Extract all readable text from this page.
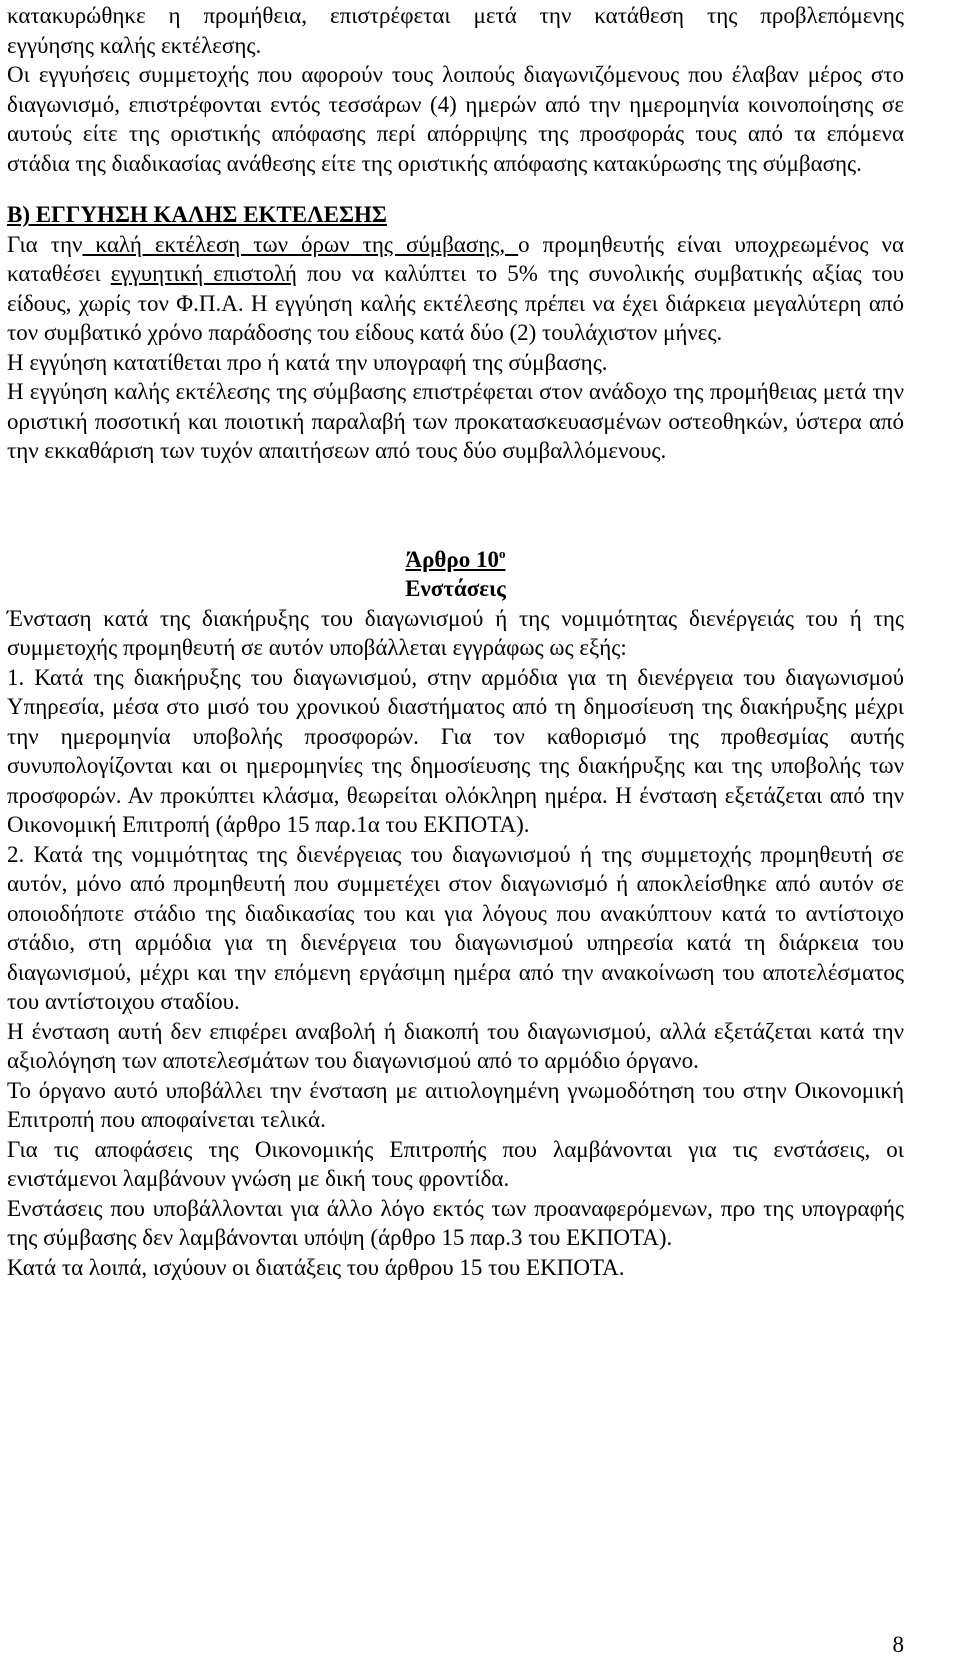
κατακυρώθηκε η προμήθεια, επιστρέφεται μετά την κατάθεση της προβλεπόμενης

εγγύησης καλής εκτέλεσης.

Οι εγγυήσεις συμμετοχής που αφορούν τους λοιπούς διαγωνιζόμενους που έλαβαν μέρος στο διαγωνισμό, επιστρέφονται εντός τεσσάρων (4) ημερών από την ημερομηνία κοινοποίησης σε αυτούς είτε της οριστικής απόφασης περί απόρριψης της προσφοράς τους από τα επόμενα στάδια της διαδικασίας ανάθεσης είτε της οριστικής απόφασης κατακύρωσης της σύμβασης.

Β) ΕΓΓΥΗΣΗ ΚΑΛΗΣ ΕΚΤΕΛΕΣΗΣ

Για την καλή εκτέλεση των όρων της σύμβασης, ο προμηθευτής είναι υποχρεωμένος να καταθέσει εγγυητική επιστολή που να καλύπτει το 5% της συνολικής συμβατικής αξίας του είδους, χωρίς τον Φ.Π.Α. Η εγγύηση καλής εκτέλεσης πρέπει να έχει διάρκεια μεγαλύτερη από τον συμβατικό χρόνο παράδοσης του είδους κατά δύο (2) τουλάχιστον μήνες.

Η εγγύηση κατατίθεται προ ή κατά την υπογραφή της σύμβασης.

Η εγγύηση καλής εκτέλεσης της σύμβασης επιστρέφεται στον ανάδοχο της προμήθειας μετά την οριστική ποσοτική και ποιοτική παραλαβή των προκατασκευασμένων οστεοθηκών, ύστερα από την εκκαθάριση των τυχόν απαιτήσεων από τους δύο συμβαλλόμενους.

Άρθρο $10^o$

Ενστάσεις

Ένσταση κατά της διακήρυξης του διαγωνισμού ή της νομιμότητας διενέργειάς του ή της συμμετοχής προμηθευτή σε αυτόν υποβάλλεται εγγράφως ως εξής:

1. Κατά της διακήρυξης του διαγωνισμού, στην αρμόδια για τη διενέργεια του διαγωνισμού Υπηρεσία, μέσα στο μισό του χρονικού διαστήματος από τη δημοσίευση της διακήρυξης μέχρι την ημερομηνία υποβολής προσφορών. Για τον καθορισμό της προθεσμίας αυτής συνυπολογίζονται και οι ημερομηνίες της δημοσίευσης της διακήρυξης και της υποβολής των προσφορών. Αν προκύπτει κλάσμα, θεωρείται ολόκληρη ημέρα. Η ένσταση εξετάζεται από την Οικονομική Επιτροπή (άρθρο 15 παρ.1α του ΕΚΠΟΤΑ).

2. Κατά της νομιμότητας της διενέργειας του διαγωνισμού ή της συμμετοχής προμηθευτή σε αυτόν, μόνο από προμηθευτή που συμμετέχει στον διαγωνισμό ή αποκλείσθηκε από αυτόν σε οποιοδήποτε στάδιο της διαδικασίας του και για λόγους που ανακύπτουν κατά το αντίστοιχο στάδιο, στη αρμόδια για τη διενέργεια του διαγωνισμού υπηρεσία κατά τη διάρκεια του διαγωνισμού, μέχρι και την επόμενη εργάσιμη ημέρα από την ανακοίνωση του αποτελέσματος του αντίστοιχου σταδίου.

Η ένσταση αυτή δεν επιφέρει αναβολή ή διακοπή του διαγωνισμού, αλλά εξετάζεται κατά την αξιολόγηση των αποτελεσμάτων του διαγωνισμού από το αρμόδιο όργανο.

Το όργανο αυτό υποβάλλει την ένσταση με αιτιολογημένη γνωμοδότηση του στην Οικονομική Επιτροπή που αποφαίνεται τελικά.

Για τις αποφάσεις της Οικονομικής Επιτροπής που λαμβάνονται για τις ενστάσεις, οι ενιστάμενοι λαμβάνουν γνώση με δική τους φροντίδα.

Ενστάσεις που υποβάλλονται για άλλο λόγο εκτός των προαναφερόμενων, προ της υπογραφής της σύμβασης δεν λαμβάνονται υπόψη (άρθρο 15 παρ.3 του ΕΚΠΟΤΑ).

Κατά τα λοιπά, ισχύουν οι διατάξεις του άρθρου 15 του ΕΚΠΟΤΑ.

8
